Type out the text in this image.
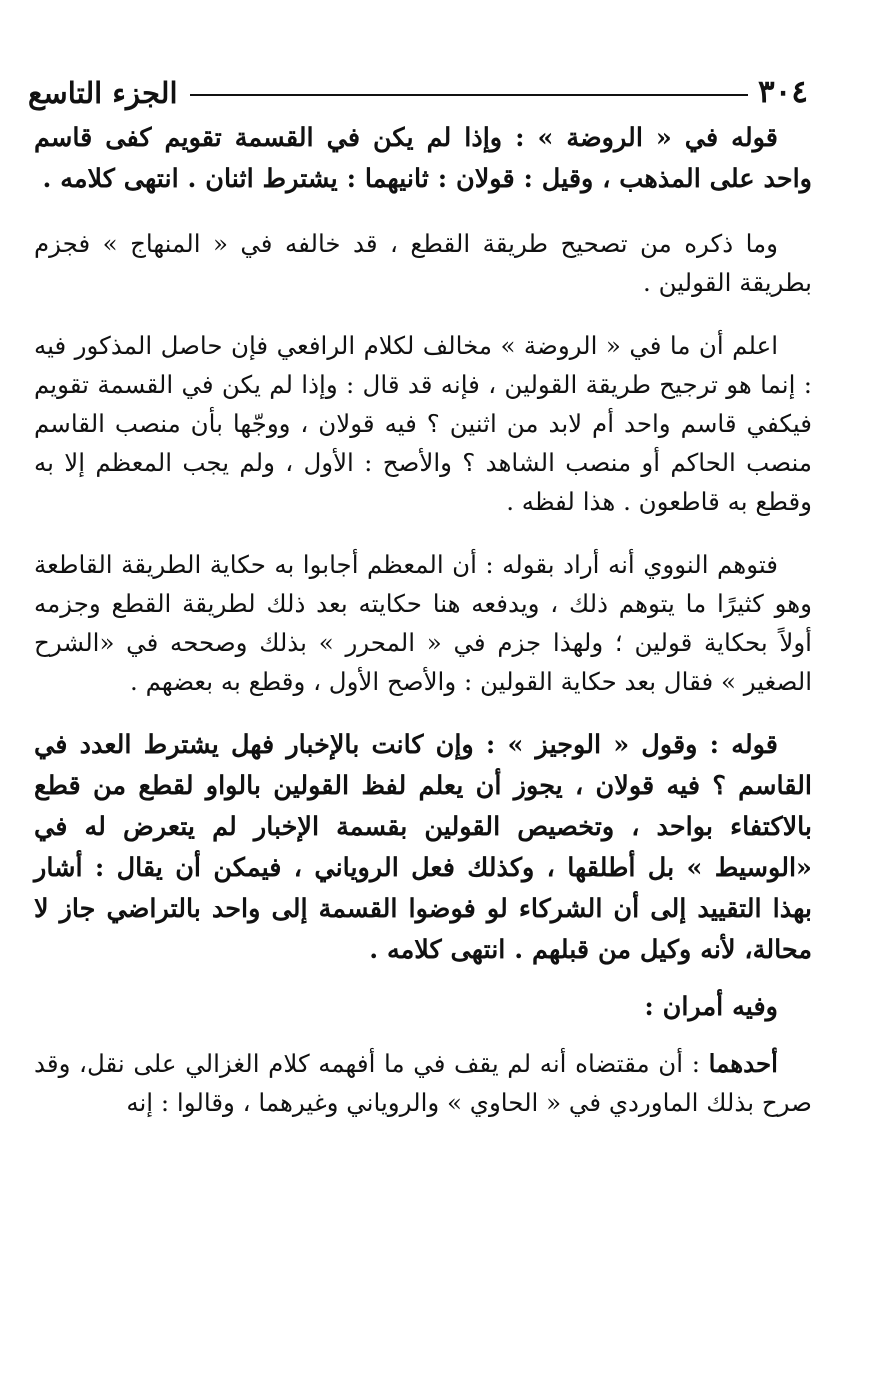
٣٠٤
الجزء التاسع

قوله في « الروضة » : وإذا لم يكن في القسمة تقويم كفى قاسم واحد على المذهب ، وقيل : قولان : ثانيهما : يشترط اثنان . انتهى كلامه .

وما ذكره من تصحيح طريقة القطع ، قد خالفه في « المنهاج » فجزم بطريقة القولين .

اعلم أن ما في « الروضة » مخالف لكلام الرافعي فإن حاصل المذكور فيه : إنما هو ترجيح طريقة القولين ، فإنه قد قال : وإذا لم يكن في القسمة تقويم فيكفي قاسم واحد أم لابد من اثنين ؟ فيه قولان ، ووجّها بأن منصب القاسم منصب الحاكم أو منصب الشاهد ؟ والأصح : الأول ، ولم يجب المعظم إلا به وقطع به قاطعون . هذا لفظه .

فتوهم النووي أنه أراد بقوله : أن المعظم أجابوا به حكاية الطريقة القاطعة وهو كثيرًا ما يتوهم ذلك ، ويدفعه هنا حكايته بعد ذلك لطريقة القطع وجزمه أولاً بحكاية قولين ؛ ولهذا جزم في « المحرر » بذلك وصححه في «الشرح الصغير » فقال بعد حكاية القولين : والأصح الأول ، وقطع به بعضهم .

قوله : وقول « الوجيز » : وإن كانت بالإخبار فهل يشترط العدد في القاسم ؟ فيه قولان ، يجوز أن يعلم لفظ القولين بالواو لقطع من قطع بالاكتفاء بواحد ، وتخصيص القولين بقسمة الإخبار لم يتعرض له في «الوسيط » بل أطلقها ، وكذلك فعل الروياني ، فيمكن أن يقال : أشار بهذا التقييد إلى أن الشركاء لو فوضوا القسمة إلى واحد بالتراضي جاز لا محالة، لأنه وكيل من قبلهم . انتهى كلامه .

وفيه أمران :

أحدهما : أن مقتضاه أنه لم يقف في ما أفهمه كلام الغزالي على نقل، وقد صرح بذلك الماوردي في « الحاوي » والروياني وغيرهما ، وقالوا : إنه
